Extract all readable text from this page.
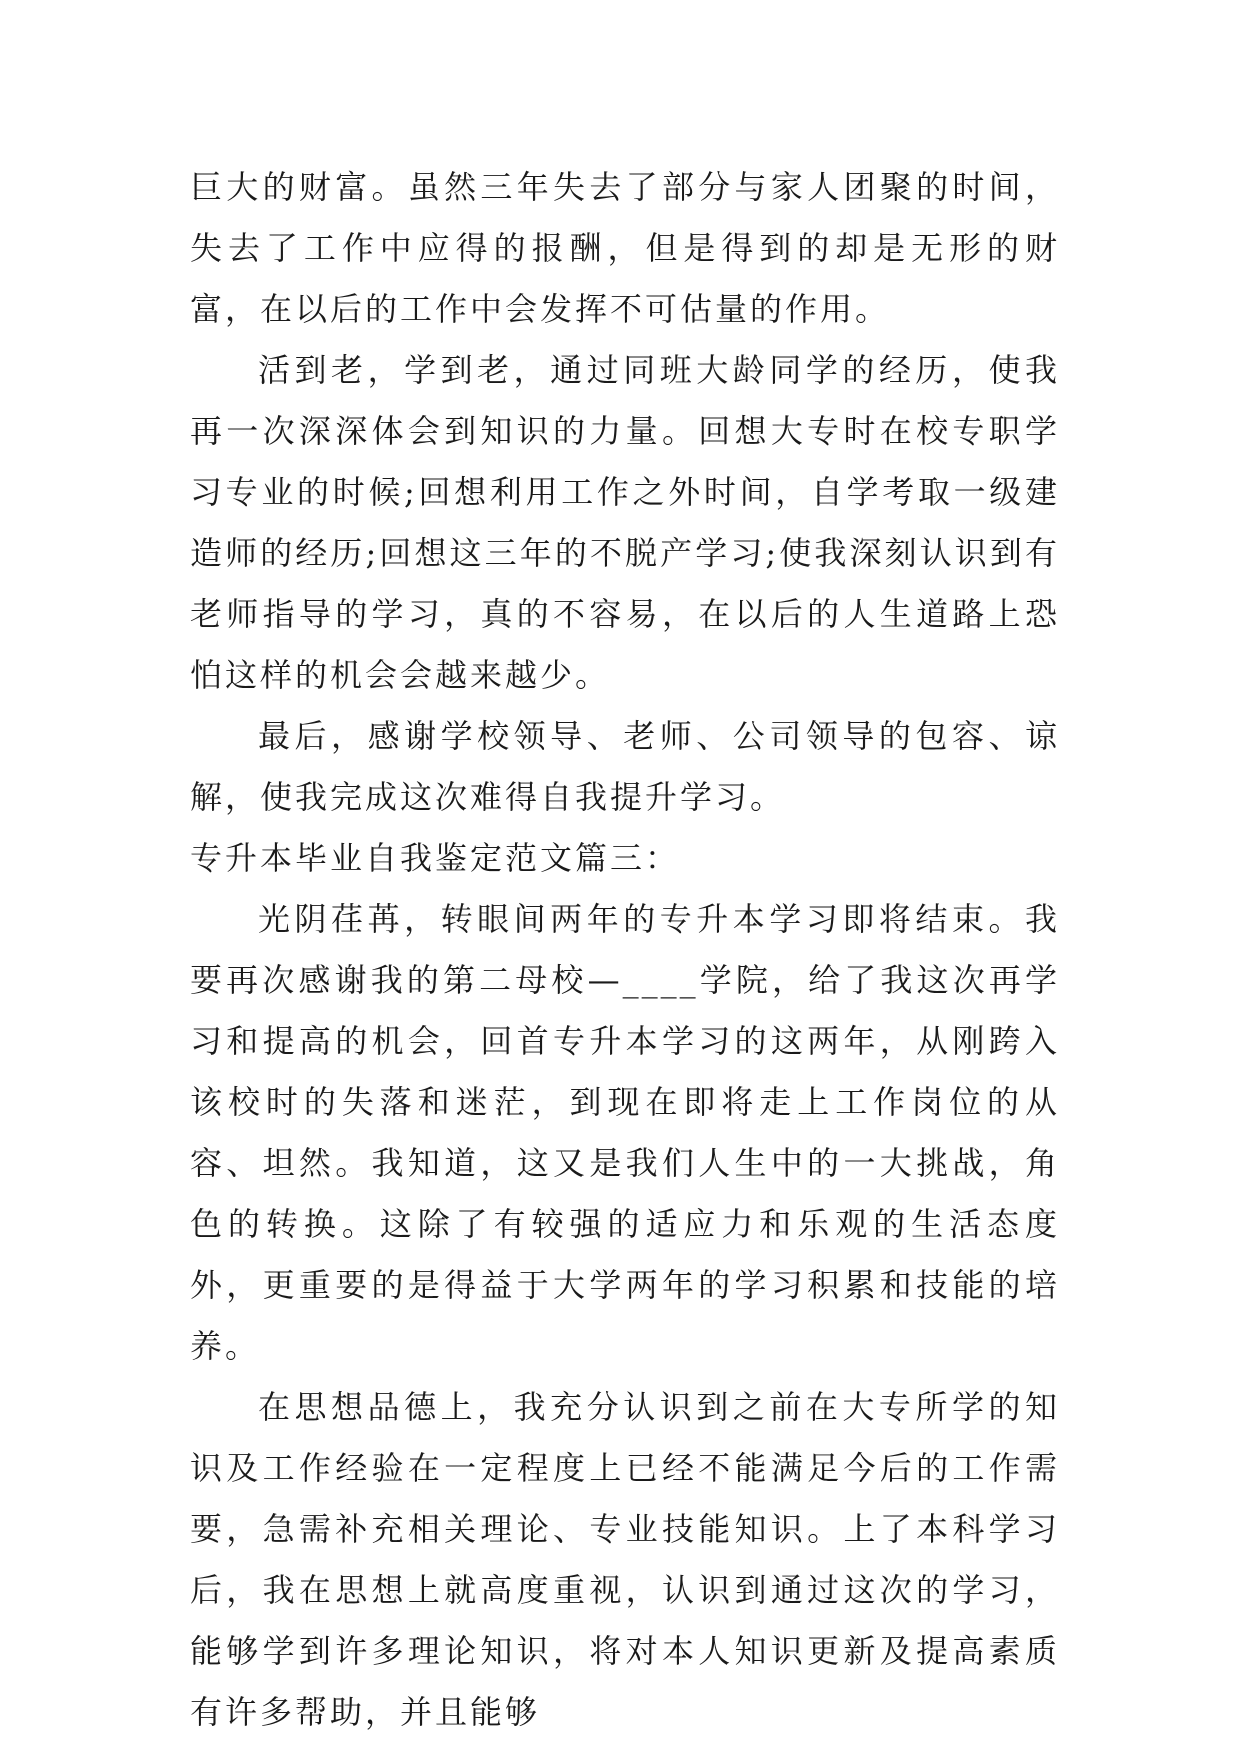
巨大的财富。虽然三年失去了部分与家人团聚的时间，失去了工作中应得的报酬，但是得到的却是无形的财富，在以后的工作中会发挥不可估量的作用。

活到老，学到老，通过同班大龄同学的经历，使我再一次深深体会到知识的力量。回想大专时在校专职学习专业的时候;回想利用工作之外时间，自学考取一级建造师的经历;回想这三年的不脱产学习;使我深刻认识到有老师指导的学习，真的不容易，在以后的人生道路上恐怕这样的机会会越来越少。

最后，感谢学校领导、老师、公司领导的包容、谅解，使我完成这次难得自我提升学习。

专升本毕业自我鉴定范文篇三：

光阴荏苒，转眼间两年的专升本学习即将结束。我要再次感谢我的第二母校—____学院，给了我这次再学习和提高的机会，回首专升本学习的这两年，从刚跨入该校时的失落和迷茫，到现在即将走上工作岗位的从容、坦然。我知道，这又是我们人生中的一大挑战，角色的转换。这除了有较强的适应力和乐观的生活态度外，更重要的是得益于大学两年的学习积累和技能的培养。

在思想品德上，我充分认识到之前在大专所学的知识及工作经验在一定程度上已经不能满足今后的工作需要，急需补充相关理论、专业技能知识。上了本科学习后，我在思想上就高度重视，认识到通过这次的学习，能够学到许多理论知识，将对本人知识更新及提高素质有许多帮助，并且能够
